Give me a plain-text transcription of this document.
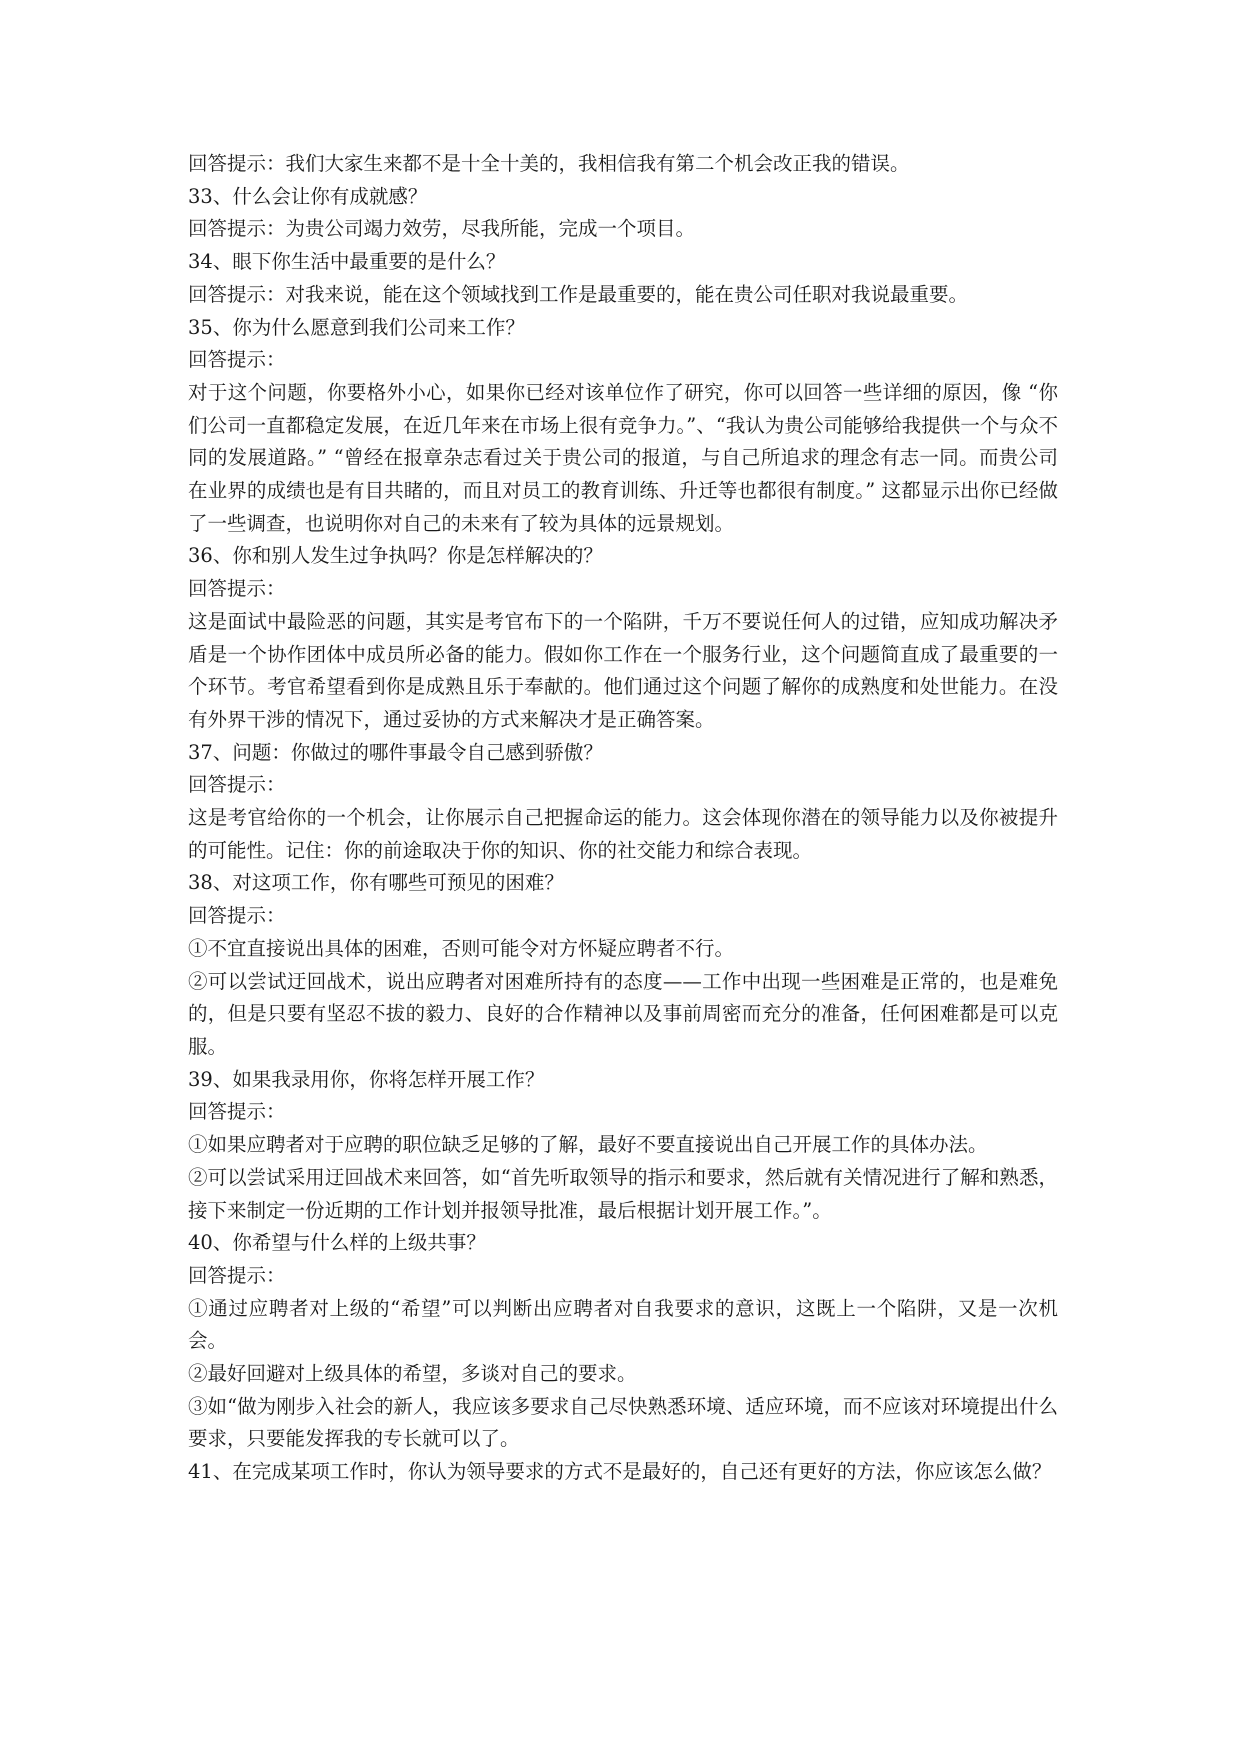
回答提示：我们大家生来都不是十全十美的，我相信我有第二个机会改正我的错误。

33、什么会让你有成就感？

回答提示：为贵公司竭力效劳，尽我所能，完成一个项目。

34、眼下你生活中最重要的是什么？

回答提示：对我来说，能在这个领域找到工作是最重要的，能在贵公司任职对我说最重要。

35、你为什么愿意到我们公司来工作？

回答提示：

对于这个问题，你要格外小心，如果你已经对该单位作了研究，你可以回答一些详细的原因，像 “你们公司一直都稳定发展，在近几年来在市场上很有竞争力。”、“我认为贵公司能够给我提供一个与众不同的发展道路。” “曾经在报章杂志看过关于贵公司的报道，与自己所追求的理念有志一同。而贵公司在业界的成绩也是有目共睹的，而且对员工的教育训练、升迁等也都很有制度。” 这都显示出你已经做了一些调查，也说明你对自己的未来有了较为具体的远景规划。

36、你和别人发生过争执吗？你是怎样解决的？

回答提示：

这是面试中最险恶的问题，其实是考官布下的一个陷阱，千万不要说任何人的过错，应知成功解决矛盾是一个协作团体中成员所必备的能力。假如你工作在一个服务行业，这个问题简直成了最重要的一个环节。考官希望看到你是成熟且乐于奉献的。他们通过这个问题了解你的成熟度和处世能力。在没有外界干涉的情况下，通过妥协的方式来解决才是正确答案。

37、问题：你做过的哪件事最令自己感到骄傲？

回答提示：

这是考官给你的一个机会，让你展示自己把握命运的能力。这会体现你潜在的领导能力以及你被提升的可能性。记住：你的前途取决于你的知识、你的社交能力和综合表现。

38、对这项工作，你有哪些可预见的困难？

回答提示：

①不宜直接说出具体的困难，否则可能令对方怀疑应聘者不行。

②可以尝试迂回战术，说出应聘者对困难所持有的态度——工作中出现一些困难是正常的，也是难免的，但是只要有坚忍不拔的毅力、良好的合作精神以及事前周密而充分的准备，任何困难都是可以克服。

39、如果我录用你，你将怎样开展工作？

回答提示：

①如果应聘者对于应聘的职位缺乏足够的了解，最好不要直接说出自己开展工作的具体办法。

②可以尝试采用迂回战术来回答，如“首先听取领导的指示和要求，然后就有关情况进行了解和熟悉，接下来制定一份近期的工作计划并报领导批准，最后根据计划开展工作。”。

40、你希望与什么样的上级共事？

回答提示：

①通过应聘者对上级的“希望”可以判断出应聘者对自我要求的意识，这既上一个陷阱，又是一次机会。

②最好回避对上级具体的希望，多谈对自己的要求。

③如“做为刚步入社会的新人，我应该多要求自己尽快熟悉环境、适应环境，而不应该对环境提出什么要求，只要能发挥我的专长就可以了。

41、在完成某项工作时，你认为领导要求的方式不是最好的，自己还有更好的方法，你应该怎么做？
